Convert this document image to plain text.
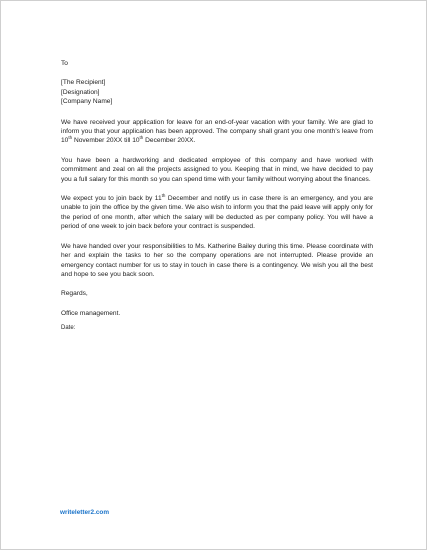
To
[The Recipient]
[Designation]
[Company Name]

We have received your application for leave for an end-of-year vacation with your family. We are glad to inform you that your application has been approved. The company shall grant you one month’s leave from 10th November 20XX till 10th December 20XX.

You have been a hardworking and dedicated employee of this company and have worked with commitment and zeal on all the projects assigned to you. Keeping that in mind, we have decided to pay you a full salary for this month so you can spend time with your family without worrying about the finances.

We expect you to join back by 11th December and notify us in case there is an emergency, and you are unable to join the office by the given time. We also wish to inform you that the paid leave will apply only for the period of one month, after which the salary will be deducted as per company policy. You will have a period of one week to join back before your contract is suspended.

We have handed over your responsibilities to Ms. Katherine Bailey during this time. Please coordinate with her and explain the tasks to her so the company operations are not interrupted. Please provide an emergency contact number for us to stay in touch in case there is a contingency. We wish you all the best and hope to see you back soon.

Regards,
Office management.
Date:
writeletter2.com
